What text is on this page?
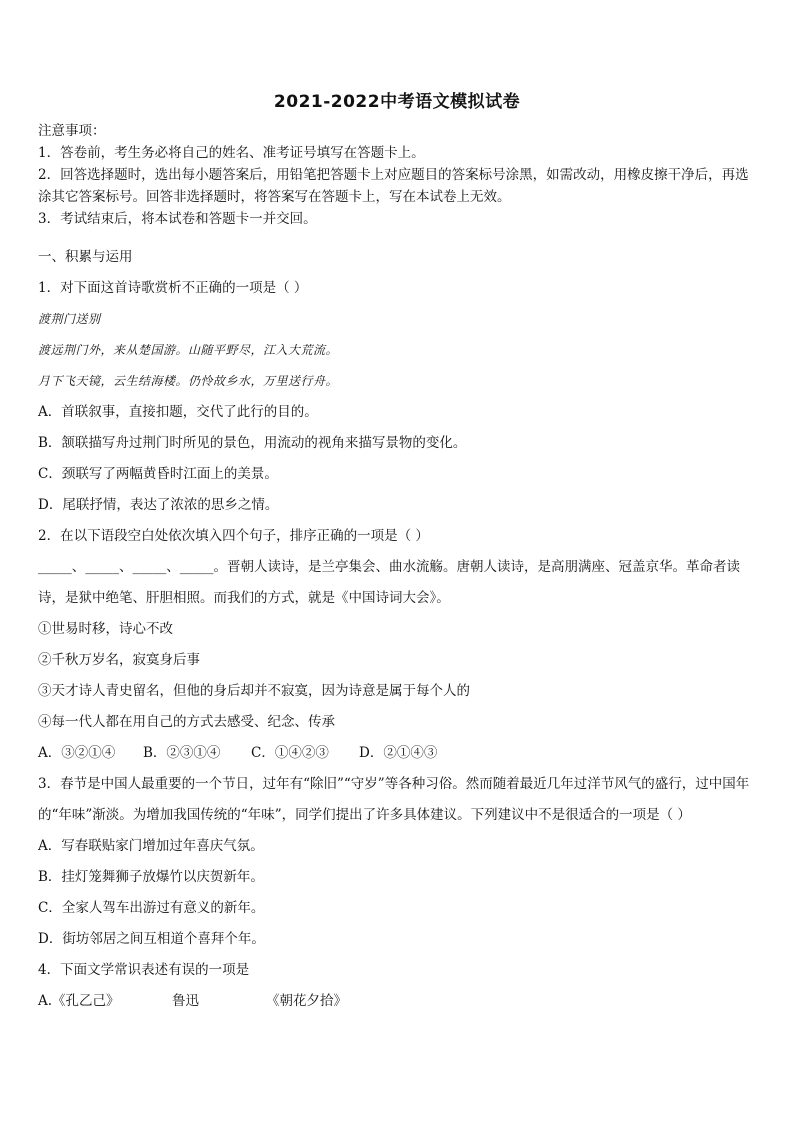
2021-2022中考语文模拟试卷

注意事项：

1．答卷前，考生务必将自己的姓名、准考证号填写在答题卡上。

2．回答选择题时，选出每小题答案后，用铅笔把答题卡上对应题目的答案标号涂黑，如需改动，用橡皮擦干净后，再选涂其它答案标号。回答非选择题时，将答案写在答题卡上，写在本试卷上无效。

3．考试结束后，将本试卷和答题卡一并交回。

一、积累与运用

1．对下面这首诗歌赏析不正确的一项是（ ）

渡荆门送别

渡远荆门外，来从楚国游。山随平野尽，江入大荒流。

月下飞天镜，云生结海楼。仍怜故乡水，万里送行舟。

A．首联叙事，直接扣题，交代了此行的目的。

B．颔联描写舟过荆门时所见的景色，用流动的视角来描写景物的变化。

C．颈联写了两幅黄昏时江面上的美景。

D．尾联抒情，表达了浓浓的思乡之情。

2．在以下语段空白处依次填入四个句子，排序正确的一项是（ ）

_____、_____、_____、_____。晋朝人读诗，是兰亭集会、曲水流觞。唐朝人读诗，是高朋满座、冠盖京华。革命者读诗，是狱中绝笔、肝胆相照。而我们的方式，就是《中国诗词大会》。

①世易时移，诗心不改

②千秋万岁名，寂寞身后事

③天才诗人青史留名，但他的身后却并不寂寞，因为诗意是属于每个人的

④每一代人都在用自己的方式去感受、纪念、传承

A．③②①④ B．②③①④ C．①④②③ D．②①④③

3．春节是中国人最重要的一个节日，过年有“除旧”“守岁”等各种习俗。然而随着最近几年过洋节风气的盛行，过中国年的“年味”渐淡。为增加我国传统的“年味”，同学们提出了许多具体建议。下列建议中不是很适合的一项是（ ）

A．写春联贴家门增加过年喜庆气氛。

B．挂灯笼舞狮子放爆竹以庆贺新年。

C．全家人驾车出游过有意义的新年。

D．街坊邻居之间互相道个喜拜个年。

4．下面文学常识表述有误的一项是

A.《孔乙己》	鲁迅	《朝花夕拾》
